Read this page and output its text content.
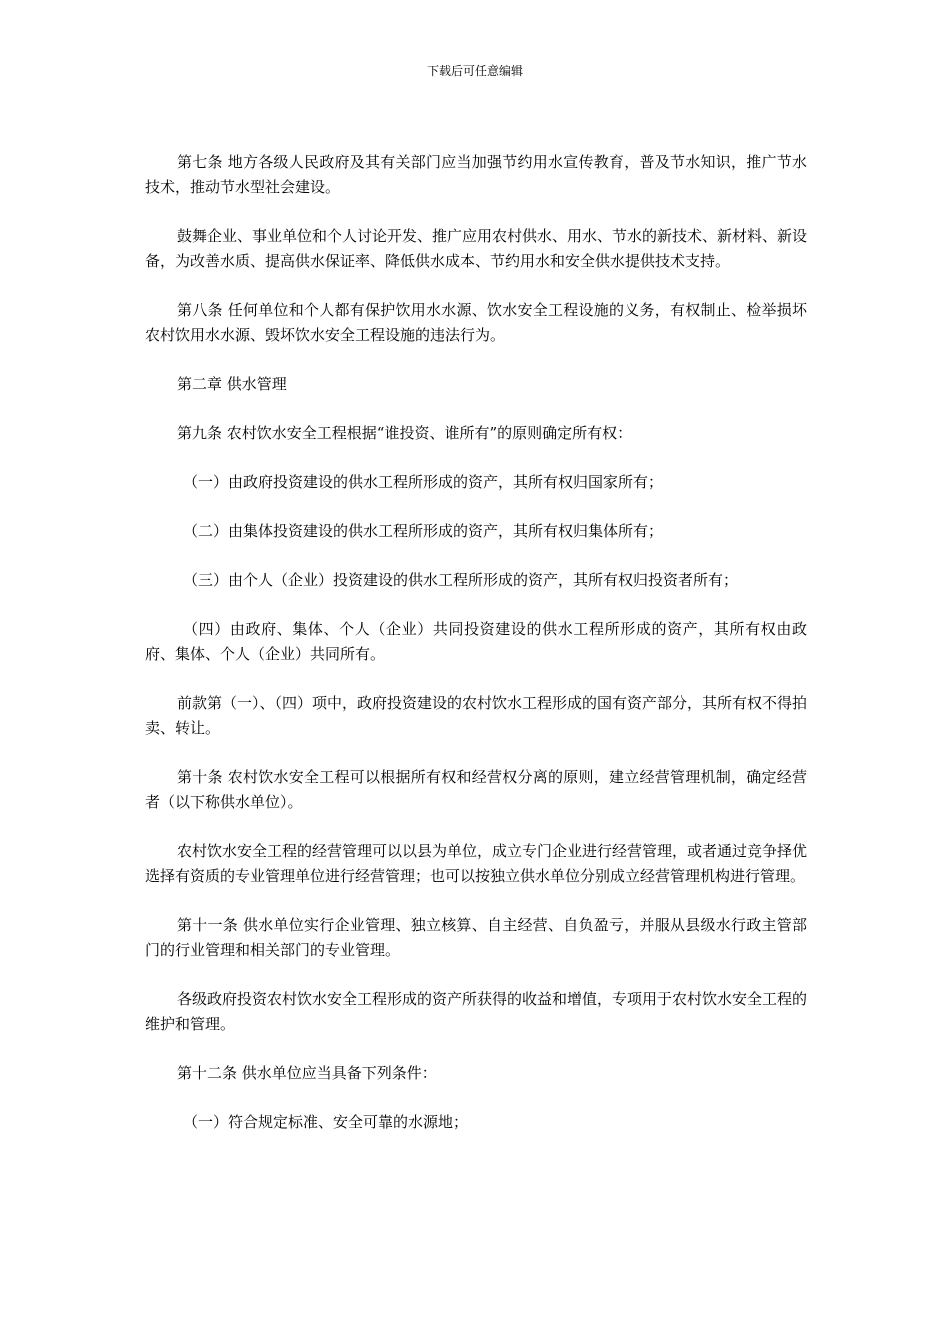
下载后可任意编辑

第七条 地方各级人民政府及其有关部门应当加强节约用水宣传教育，普及节水知识，推广节水技术，推动节水型社会建设。

鼓舞企业、事业单位和个人讨论开发、推广应用农村供水、用水、节水的新技术、新材料、新设备，为改善水质、提高供水保证率、降低供水成本、节约用水和安全供水提供技术支持。

第八条 任何单位和个人都有保护饮用水水源、饮水安全工程设施的义务，有权制止、检举损坏农村饮用水水源、毁坏饮水安全工程设施的违法行为。

第二章 供水管理

第九条 农村饮水安全工程根据“谁投资、谁所有”的原则确定所有权：

（一）由政府投资建设的供水工程所形成的资产，其所有权归国家所有；

（二）由集体投资建设的供水工程所形成的资产，其所有权归集体所有；

（三）由个人（企业）投资建设的供水工程所形成的资产，其所有权归投资者所有；

（四）由政府、集体、个人（企业）共同投资建设的供水工程所形成的资产，其所有权由政府、集体、个人（企业）共同所有。

前款第（一）、（四）项中，政府投资建设的农村饮水工程形成的国有资产部分，其所有权不得拍卖、转让。

第十条 农村饮水安全工程可以根据所有权和经营权分离的原则，建立经营管理机制，确定经营者（以下称供水单位）。

农村饮水安全工程的经营管理可以以县为单位，成立专门企业进行经营管理，或者通过竞争择优选择有资质的专业管理单位进行经营管理；也可以按独立供水单位分别成立经营管理机构进行管理。

第十一条 供水单位实行企业管理、独立核算、自主经营、自负盈亏，并服从县级水行政主管部门的行业管理和相关部门的专业管理。

各级政府投资农村饮水安全工程形成的资产所获得的收益和增值，专项用于农村饮水安全工程的维护和管理。

第十二条 供水单位应当具备下列条件：

（一）符合规定标准、安全可靠的水源地；
